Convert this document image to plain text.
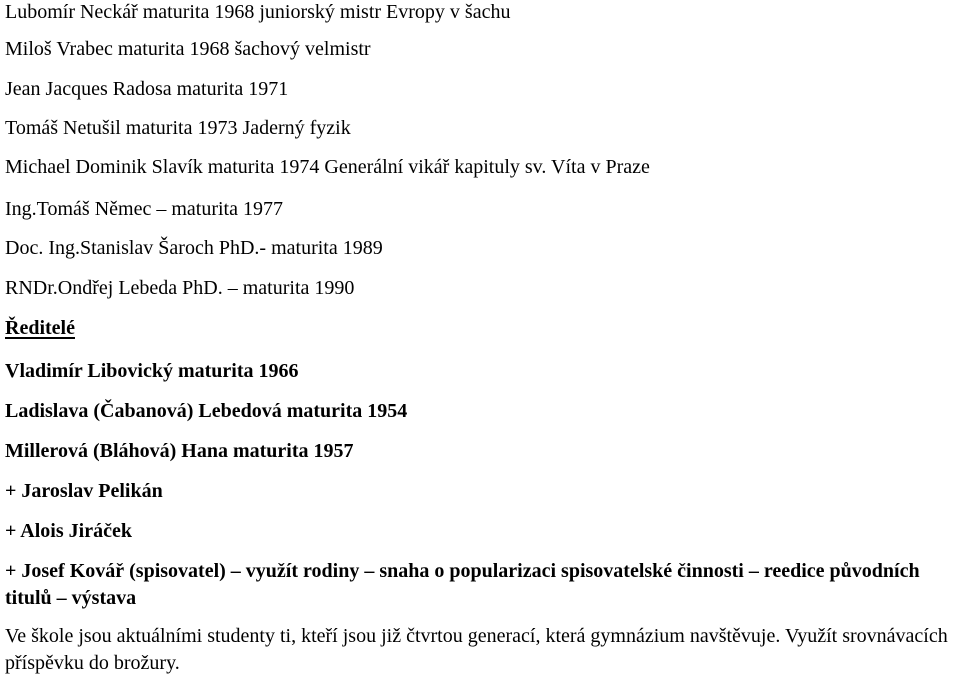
Lubomír Neckář maturita 1968 juniorský mistr Evropy v šachu
Miloš Vrabec maturita 1968 šachový velmistr
Jean Jacques Radosa maturita 1971
Tomáš Netušil maturita 1973 Jaderný fyzik
Michael Dominik Slavík maturita 1974 Generální vikář kapituly sv. Víta v Praze
Ing.Tomáš Němec – maturita 1977
Doc. Ing.Stanislav Šaroch PhD.- maturita 1989
RNDr.Ondřej Lebeda PhD. – maturita 1990
Ředitelé
Vladimír Libovický maturita 1966
Ladislava (Čabanová) Lebedová maturita 1954
Millerová (Bláhová) Hana maturita 1957
+ Jaroslav Pelikán
+ Alois Jiráček
+ Josef Kovář (spisovatel) – využít rodiny – snaha o popularizaci spisovatelské činnosti – reedice původních titulů – výstava
Ve škole jsou aktuálními studenty ti, kteří jsou již čtvrtou generací, která gymnázium navštěvuje. Využít srovnávacích příspěvku do brožury.
